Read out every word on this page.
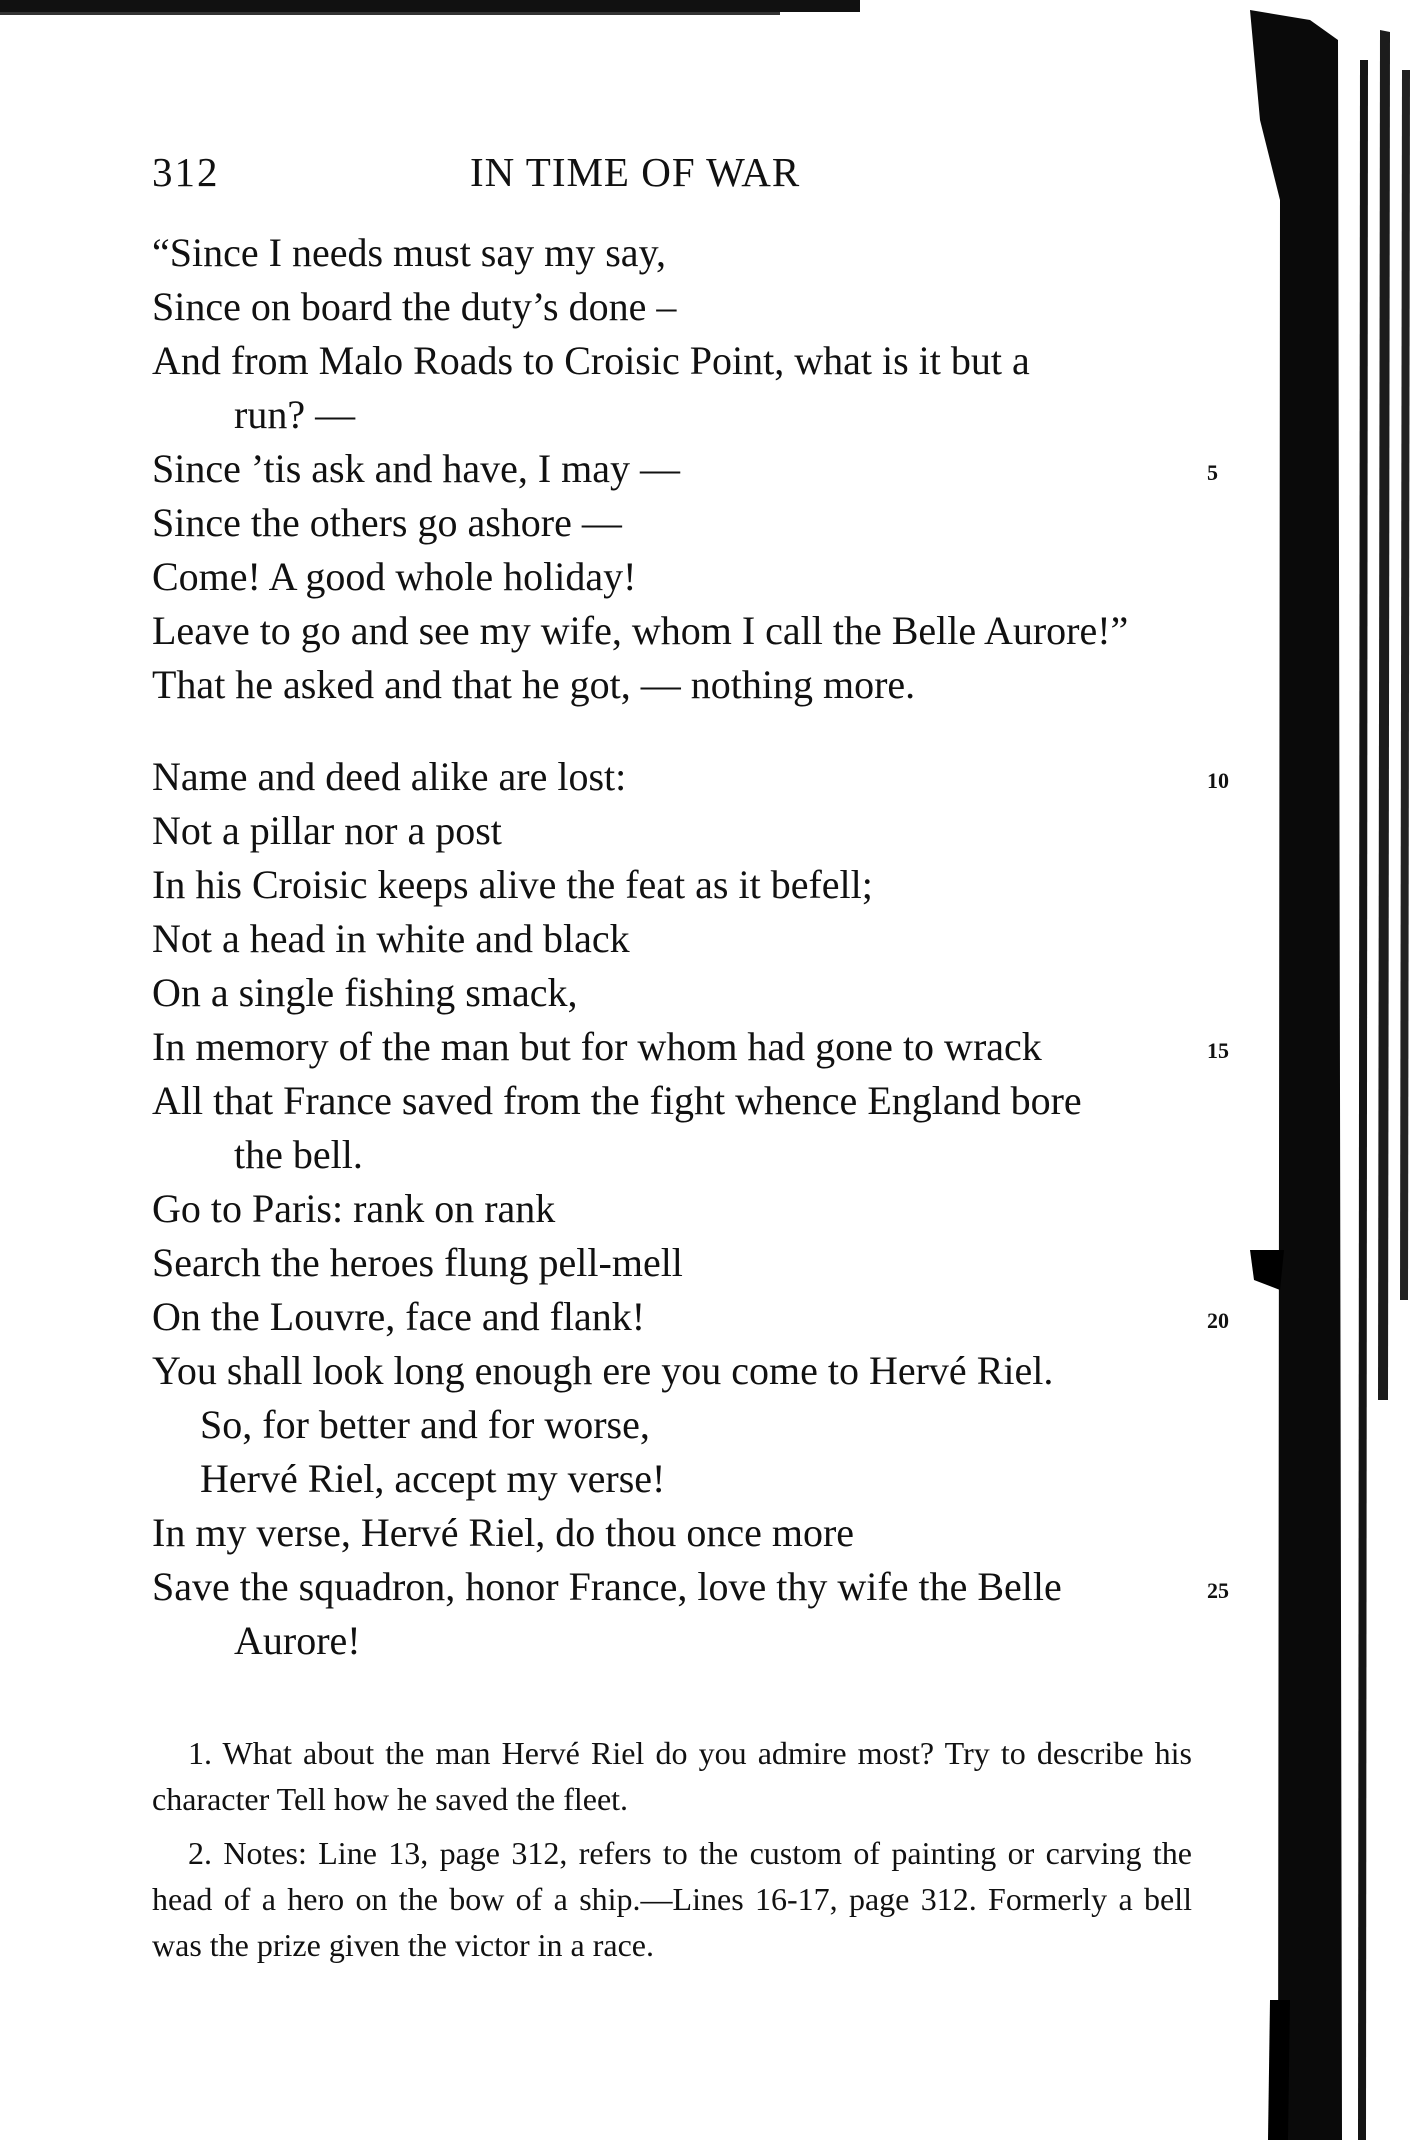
312	IN TIME OF WAR
“Since I needs must say my say,
Since on board the duty’s done –
And from Malo Roads to Croisic Point, what is it but a
run? —
Since ’tis ask and have, I may —	5
Since the others go ashore —
Come! A good whole holiday!
Leave to go and see my wife, whom I call the Belle Aurore!”
That he asked and that he got, — nothing more.
Name and deed alike are lost:	10
Not a pillar nor a post
In his Croisic keeps alive the feat as it befell;
Not a head in white and black
On a single fishing smack,
In memory of the man but for whom had gone to wrack	15
All that France saved from the fight whence England bore
the bell.
Go to Paris: rank on rank
Search the heroes flung pell-mell
On the Louvre, face and flank!	20
You shall look long enough ere you come to Hervé Riel.
So, for better and for worse,
Hervé Riel, accept my verse!
In my verse, Hervé Riel, do thou once more
Save the squadron, honor France, love thy wife the Belle	25
Aurore!

1. What about the man Hervé Riel do you admire most? Try to describe his character Tell how he saved the fleet.

2. Notes: Line 13, page 312, refers to the custom of painting or carving the head of a hero on the bow of a ship.—Lines 16-17, page 312. Formerly a bell was the prize given the victor in a race.
